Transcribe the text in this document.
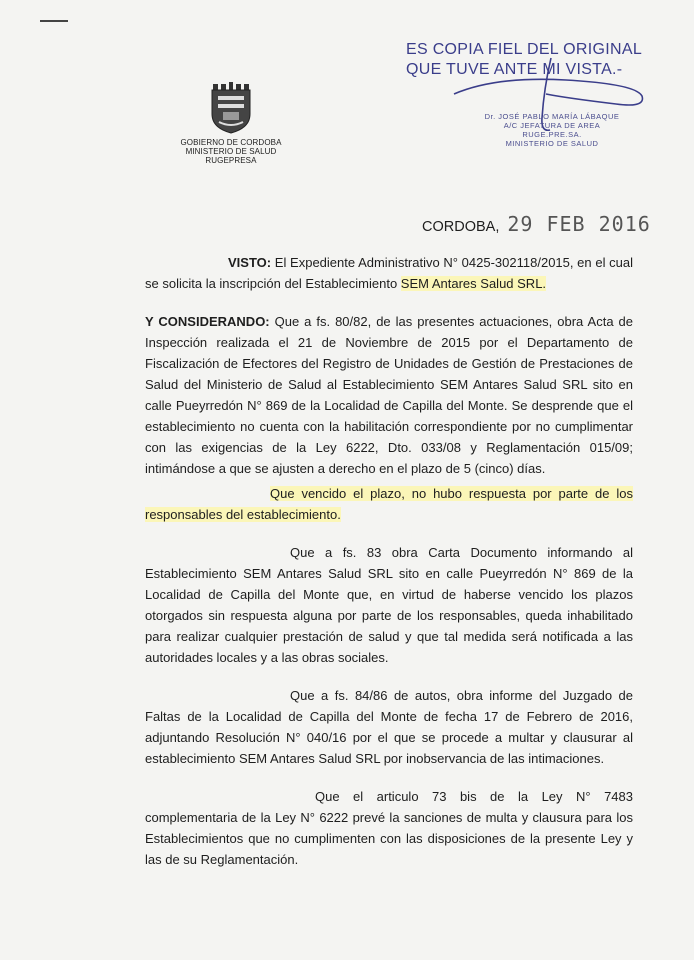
GOBIERNO DE CORDOBA
MINISTERIO DE SALUD
RUGEPRESA
ES COPIA FIEL DEL ORIGINAL
QUE TUVE ANTE MI VISTA.-
Dr. JOSÉ PABLO MARÍA LÁBAQUE
A/C JEFATURA DE AREA
RUGE.PRE.SA.
MINISTERIO DE SALUD
CORDOBA, 29 FEB 2016

VISTO: El Expediente Administrativo N° 0425-302118/2015, en el cual se solicita la inscripción del Establecimiento SEM Antares Salud SRL.

Y CONSIDERANDO: Que a fs. 80/82, de las presentes actuaciones, obra Acta de Inspección realizada el 21 de Noviembre de 2015 por el Departamento de Fiscalización de Efectores del Registro de Unidades de Gestión de Prestaciones de Salud del Ministerio de Salud al Establecimiento SEM Antares Salud SRL sito en calle Pueyrredón N° 869 de la Localidad de Capilla del Monte. Se desprende que el establecimiento no cuenta con la habilitación correspondiente por no cumplimentar con las exigencias de la Ley 6222, Dto. 033/08 y Reglamentación 015/09; intimándose a que se ajusten a derecho en el plazo de 5 (cinco) días.

Que vencido el plazo, no hubo respuesta por parte de los responsables del establecimiento.

Que a fs. 83 obra Carta Documento informando al Establecimiento SEM Antares Salud SRL sito en calle Pueyrredón N° 869 de la Localidad de Capilla del Monte que, en virtud de haberse vencido los plazos otorgados sin respuesta alguna por parte de los responsables, queda inhabilitado para realizar cualquier prestación de salud y que tal medida será notificada a las autoridades locales y a las obras sociales.

Que a fs. 84/86 de autos, obra informe del Juzgado de Faltas de la Localidad de Capilla del Monte de fecha 17 de Febrero de 2016, adjuntando Resolución N° 040/16 por el que se procede a multar y clausurar al establecimiento SEM Antares Salud SRL por inobservancia de las intimaciones.

Que el articulo 73 bis de la Ley N° 7483 complementaria de la Ley N° 6222 prevé la sanciones de multa y clausura para los Establecimientos que no cumplimenten con las disposiciones de la presente Ley y las de su Reglamentación.
